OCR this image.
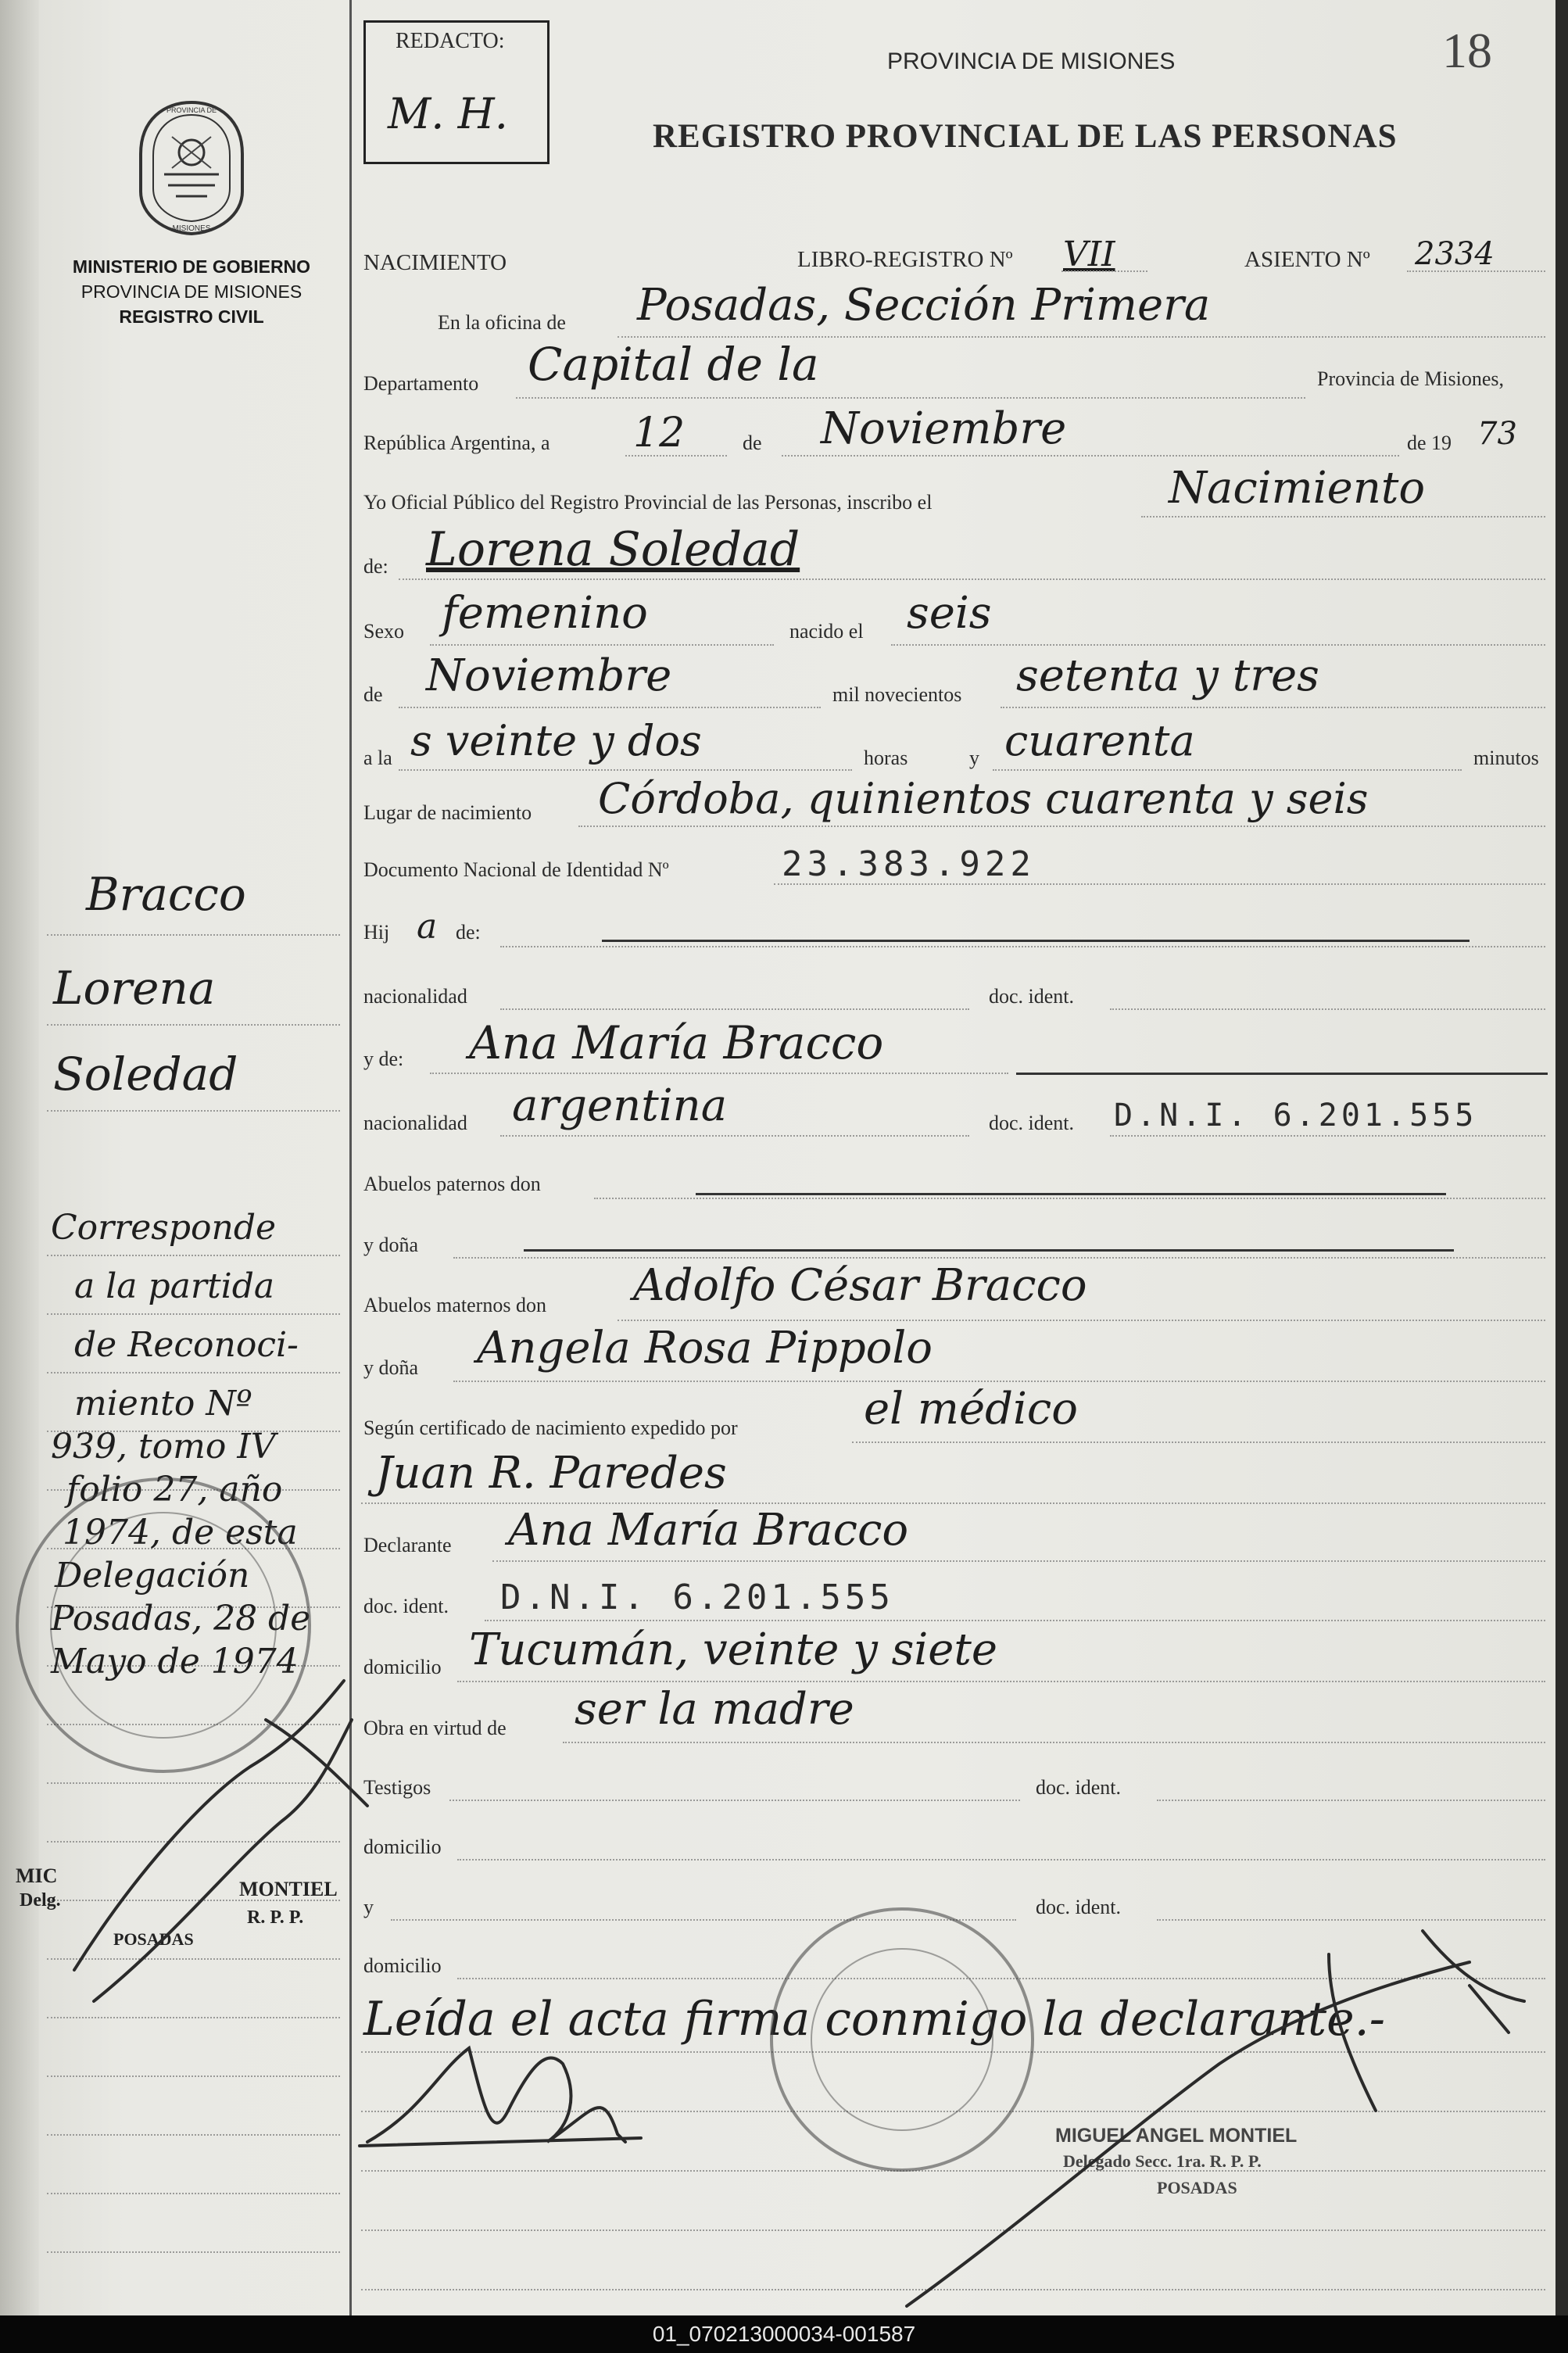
PROVINCIA DE
MISIONES
MINISTERIO DE GOBIERNO
PROVINCIA DE MISIONES
REGISTRO CIVIL
Bracco
Lorena
Soledad
Corresponde
a la partida
de Reconoci-
miento Nº
939, tomo IV
folio 27, año
1974, de esta
Delegación
Posadas, 28 de
Mayo de 1974
MIC
Delg.	MONTIEL
R. P. P.
POSADAS
REDACTO:
M. H.
18
PROVINCIA DE MISIONES
REGISTRO PROVINCIAL DE LAS PERSONAS
NACIMIENTO	LIBRO-REGISTRO Nº VII	ASIENTO Nº 2334
En la oficina de Posadas, Sección Primera
Departamento Capital de la	Provincia de Misiones,
República Argentina, a 12	de Noviembre	de 19 73
Yo Oficial Público del Registro Provincial de las Personas, inscribo el	Nacimiento
de: Lorena Soledad
Sexo femenino	nacido el seis
de Noviembre	mil novecientos setenta y tres
a la s veinte y dos	horas	y cuarenta	minutos
Lugar de nacimiento Córdoba, quinientos cuarenta y seis
Documento Nacional de Identidad Nº	23.383.922
Hij a de:
nacionalidad	doc. ident.
y de: Ana María Bracco
nacionalidad argentina	doc. ident. D.N.I. 6.201.555
Abuelos paternos don
y doña
Abuelos maternos don Adolfo César Bracco
y doña Angela Rosa Pippolo
Según certificado de nacimiento expedido por	el médico
Juan R. Paredes
Declarante Ana María Bracco
doc. ident. D.N.I. 6.201.555
domicilio Tucumán, veinte y siete
Obra en virtud de ser la madre
Testigos	doc. ident.
domicilio
y	doc. ident.
domicilio
Leída el acta firma conmigo la declarante.-
MIGUEL ANGEL MONTIEL
Delegado Secc. 1ra. R. P. P.
POSADAS
01_070213000034-001587
